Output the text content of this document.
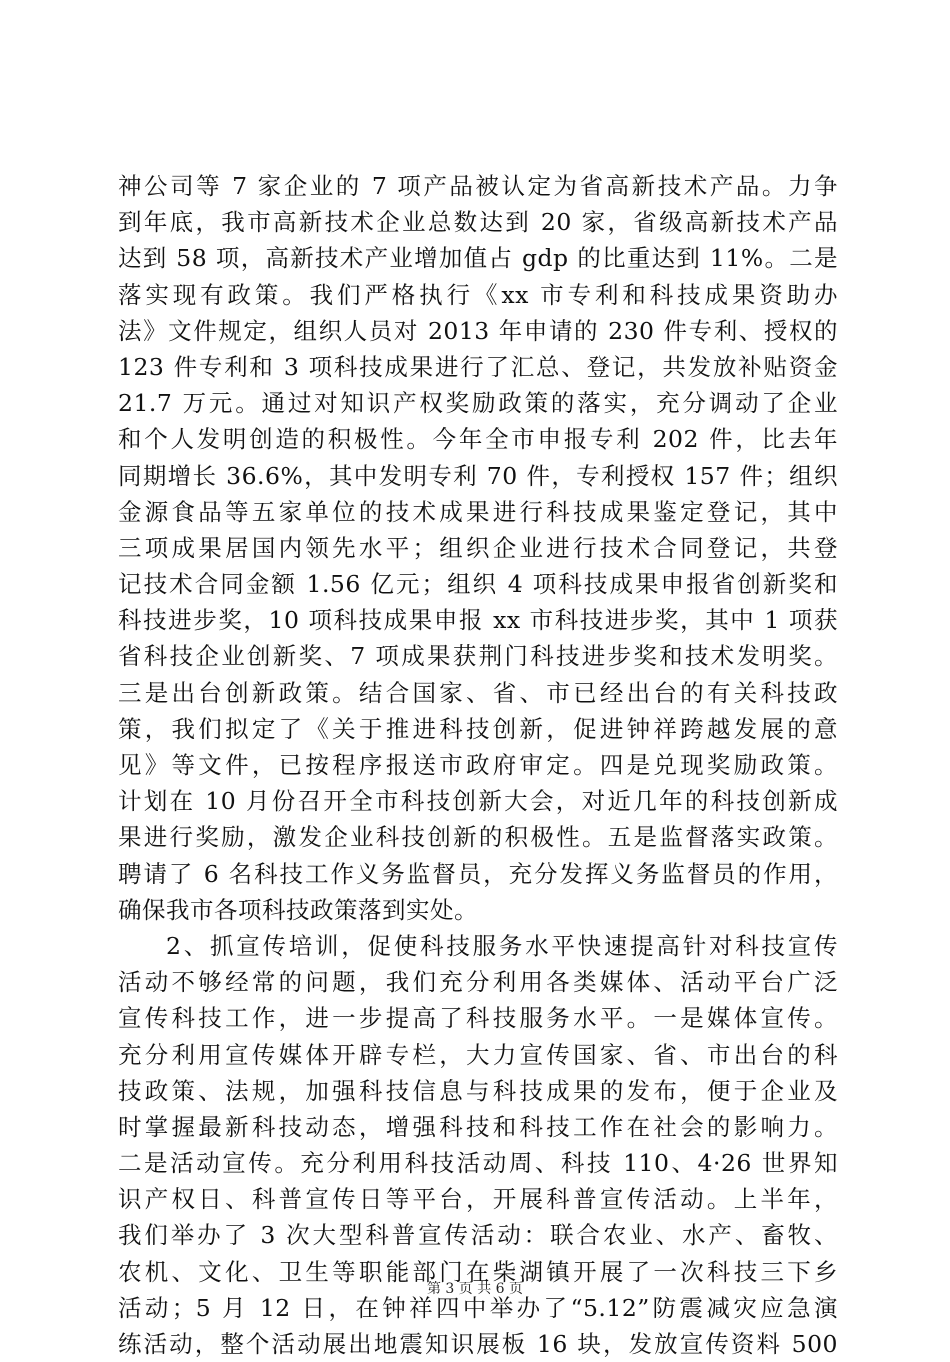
神公司等 7 家企业的 7 项产品被认定为省高新技术产品。力争
到年底，我市高新技术企业总数达到 20 家，省级高新技术产品
达到 58 项，高新技术产业增加值占 gdp 的比重达到 11%。二是
落实现有政策。我们严格执行《xx 市专利和科技成果资助办
法》文件规定，组织人员对 2013 年申请的 230 件专利、授权的
123 件专利和 3 项科技成果进行了汇总、登记，共发放补贴资金
21.7 万元。通过对知识产权奖励政策的落实，充分调动了企业
和个人发明创造的积极性。今年全市申报专利 202 件，比去年
同期增长 36.6%，其中发明专利 70 件，专利授权 157 件；组织
金源食品等五家单位的技术成果进行科技成果鉴定登记，其中
三项成果居国内领先水平；组织企业进行技术合同登记，共登
记技术合同金额 1.56 亿元；组织 4 项科技成果申报省创新奖和
科技进步奖，10 项科技成果申报 xx 市科技进步奖，其中 1 项获
省科技企业创新奖、7 项成果获荆门科技进步奖和技术发明奖。
三是出台创新政策。结合国家、省、市已经出台的有关科技政
策，我们拟定了《关于推进科技创新，促进钟祥跨越发展的意
见》等文件，已按程序报送市政府审定。四是兑现奖励政策。
计划在 10 月份召开全市科技创新大会，对近几年的科技创新成
果进行奖励，激发企业科技创新的积极性。五是监督落实政策。
聘请了 6 名科技工作义务监督员，充分发挥义务监督员的作用，
确保我市各项科技政策落到实处。
2、抓宣传培训，促使科技服务水平快速提高针对科技宣传
活动不够经常的问题，我们充分利用各类媒体、活动平台广泛
宣传科技工作，进一步提高了科技服务水平。一是媒体宣传。
充分利用宣传媒体开辟专栏，大力宣传国家、省、市出台的科
技政策、法规，加强科技信息与科技成果的发布，便于企业及
时掌握最新科技动态，增强科技和科技工作在社会的影响力。
二是活动宣传。充分利用科技活动周、科技 110、4·26 世界知
识产权日、科普宣传日等平台，开展科普宣传活动。上半年，
我们举办了 3 次大型科普宣传活动：联合农业、水产、畜牧、
农机、文化、卫生等职能部门在柴湖镇开展了一次科技三下乡
活动；5 月 12 日，在钟祥四中举办了“5.12”防震减灾应急演
练活动，整个活动展出地震知识展板 16 块，发放宣传资料 500
第 3 页 共 6 页
